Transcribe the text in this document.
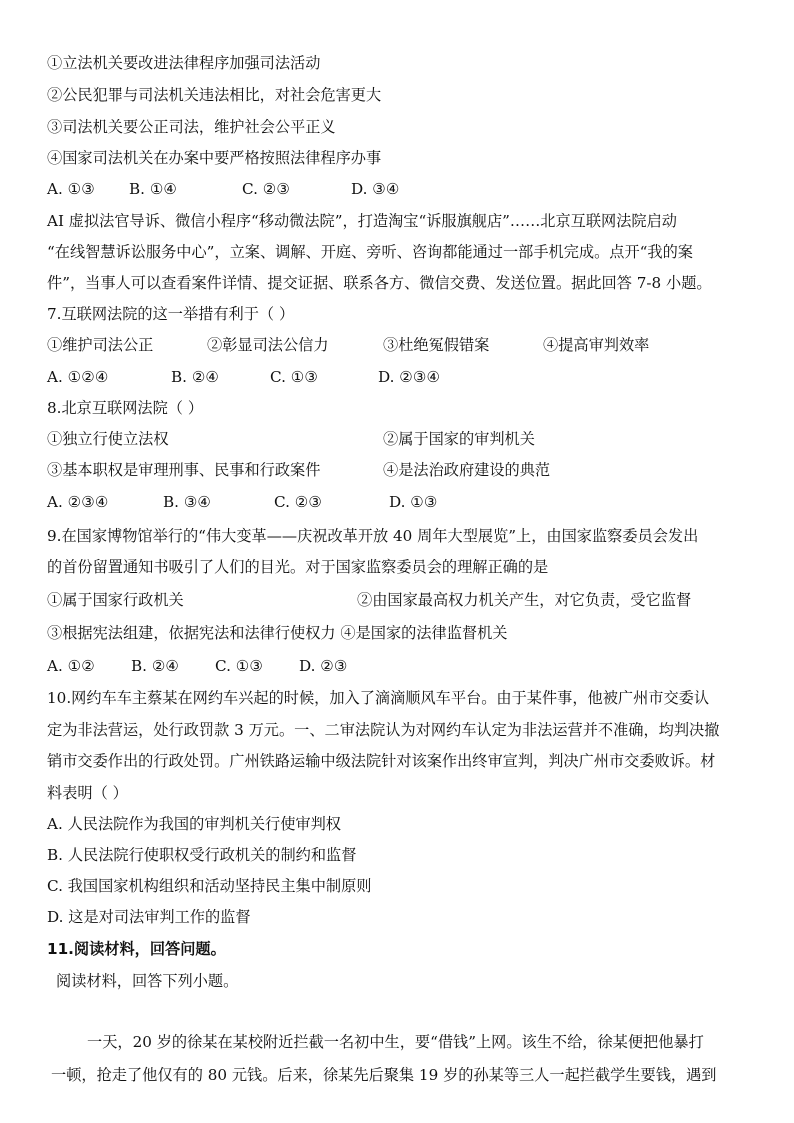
①立法机关要改进法律程序加强司法活动
②公民犯罪与司法机关违法相比，对社会危害更大
③司法机关要公正司法，维护社会公平正义
④国家司法机关在办案中要严格按照法律程序办事
A. ①③	B. ①④	C. ②③	D. ③④
AI 虚拟法官导诉、微信小程序“移动微法院”，打造淘宝“诉服旗舰店”……北京互联网法院启动
“在线智慧诉讼服务中心”，立案、调解、开庭、旁听、咨询都能通过一部手机完成。点开“我的案
件”，当事人可以查看案件详情、提交证据、联系各方、微信交费、发送位置。据此回答 7-8 小题。
7.互联网法院的这一举措有利于（ ）
①维护司法公正	②彰显司法公信力	③杜绝冤假错案	④提高审判效率
A. ①②④	B. ②④	C. ①③	D. ②③④
8.北京互联网法院（ ）
①独立行使立法权	②属于国家的审判机关
③基本职权是审理刑事、民事和行政案件	④是法治政府建设的典范
A. ②③④	B. ③④	C. ②③	D. ①③
9.在国家博物馆举行的“伟大变革——庆祝改革开放 40 周年大型展览”上，由国家监察委员会发出
的首份留置通知书吸引了人们的目光。对于国家监察委员会的理解正确的是
①属于国家行政机关	②由国家最高权力机关产生，对它负责，受它监督
③根据宪法组建，依据宪法和法律行使权力 ④是国家的法律监督机关
A. ①②	B. ②④	C. ①③	D. ②③
10.网约车车主蔡某在网约车兴起的时候，加入了滴滴顺风车平台。由于某件事，他被广州市交委认
定为非法营运，处行政罚款 3 万元。一、二审法院认为对网约车认定为非法运营并不准确，均判决撤
销市交委作出的行政处罚。广州铁路运输中级法院针对该案作出终审宣判，判决广州市交委败诉。材
料表明（ ）
A. 人民法院作为我国的审判机关行使审判权
B. 人民法院行使职权受行政机关的制约和监督
C. 我国国家机构组织和活动坚持民主集中制原则
D. 这是对司法审判工作的监督
11.阅读材料，回答问题。
阅读材料，回答下列小题。
一天，20 岁的徐某在某校附近拦截一名初中生，要“借钱”上网。该生不给，徐某便把他暴打
一顿，抢走了他仅有的 80 元钱。后来，徐某先后聚集 19 岁的孙某等三人一起拦截学生要钱，遇到
